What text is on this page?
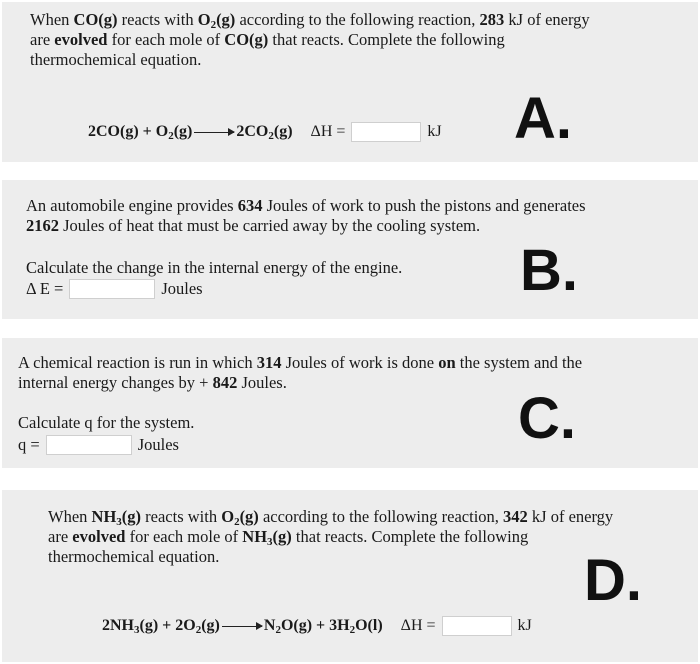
When CO(g) reacts with $O_2(g)$ according to the following reaction, 283 kJ of energy
are evolved for each mole of CO(g) that reacts. Complete the following
thermochemical equation.
$2CO(g) + O_2(g) \to 2CO_2(g) \Delta H$ =	kJ A.
An automobile engine provides 634 Joules of work to push the pistons and generates
2162 Joules of heat that must be carried away by the cooling system.
Calculate the change in the internal energy of the engine.
Δ E =	Joules	B.
A chemical reaction is run in which 314 Joules of work is done on the system and the
internal energy changes by + 842 Joules.
Calculate q for the system.
q =	Joules	C.
When $NH_3(g)$ reacts with $O_2(g)$ according to the following reaction, 342 kJ of energy
are evolved for each mole of $NH_3(g)$ that reacts. Complete the following
thermochemical equation.
$2NH_3(g) + 2O_2(g) \to N_2O(g) + 3H_2O(l) \Delta H$ =	kJ
D.
